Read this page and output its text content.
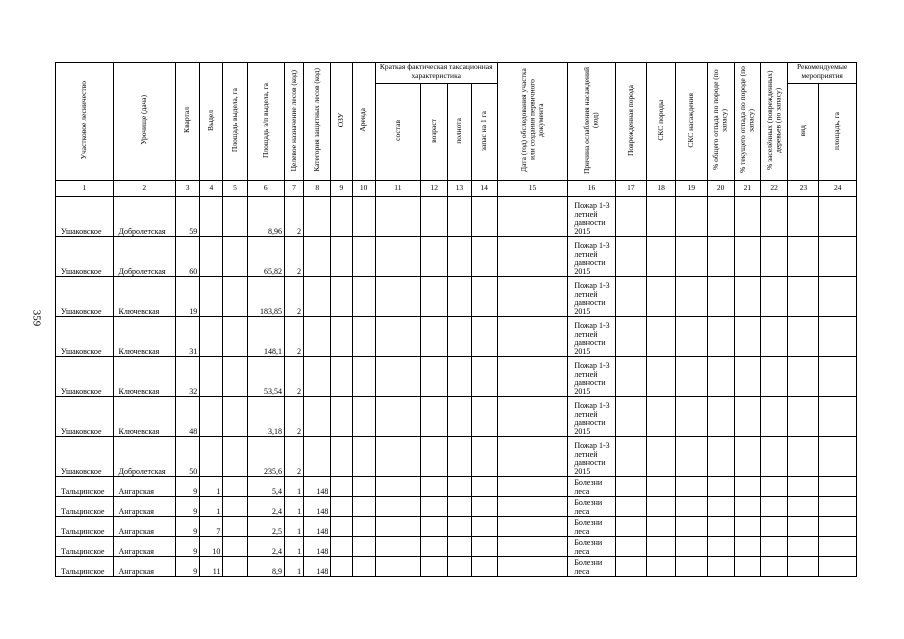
359
Участковое лесничество	Урочище (дача)	Квартал	Выдел	Площадь выдела, га	Площадь з/п выдела, га	Целевое назначение лесов (код)	Категория защитных лесов (код)	ОЗУ	Аренда	Краткая фактическая таксационная характеристика				Дата (год) обследования участка или создания первичного документа	Причина ослабления насаждений (код)	Поврежденная порода	СКС породы	СКС насаждения	% общего отпада по породе (по запасу)	% текущего отпада по породе (по запасу)	% заселённых (поврежденных) деревьев (по запасу)	Рекомендуемые мероприятия	
										состав	возраст	полнота	запас на 1 га									вид	площадь, га
1	2	3	4	5	6	7	8	9	10	11	12	13	14	15	16	17	18	19	20	21	22	23	24
Ушаковское	Добролетская	59			8,96	2									Пожар 1-3 летней давности 2015								
Ушаковское	Добролетская	60			65,82	2									Пожар 1-3 летней давности 2015								
Ушаковское	Ключевская	19			183,85	2									Пожар 1-3 летней давности 2015								
Ушаковское	Ключевская	31			148,1	2									Пожар 1-3 летней давности 2015								
Ушаковское	Ключевская	32			53,54	2									Пожар 1-3 летней давности 2015								
Ушаковское	Ключевская	48			3,18	2									Пожар 1-3 летней давности 2015								
Ушаковское	Добролетская	50			235,6	2									Пожар 1-3 летней давности 2015								
Тальцинское	Ангарская	9	1		5,4	1	148								Болезни леса								
Тальцинское	Ангарская	9	1		2,4	1	148								Болезни леса								
Тальцинское	Ангарская	9	7		2,5	1	148								Болезни леса								
Тальцинское	Ангарская	9	10		2,4	1	148								Болезни леса								
Тальцинское	Ангарская	9	11		8,9	1	148								Болезни леса								
